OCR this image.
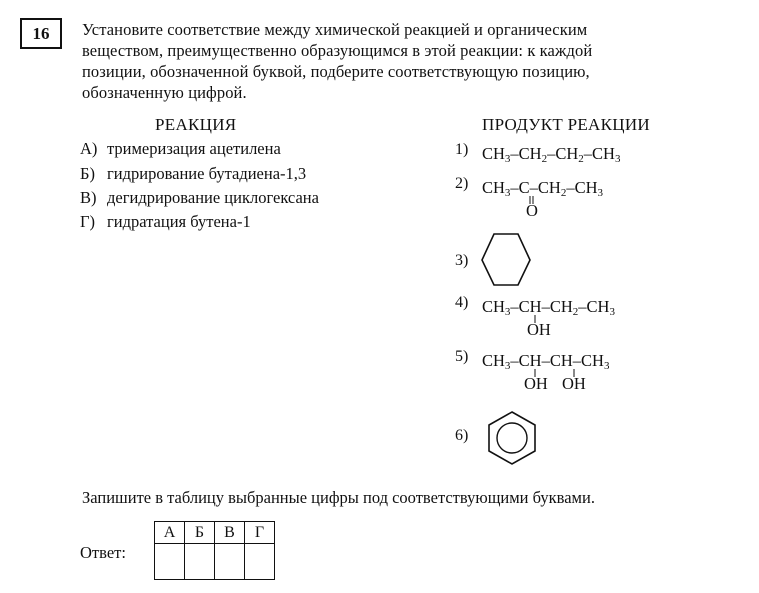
16	Установите соответствие между химической реакцией и органическим
веществом, преимущественно образующимся в этой реакции: к каждой
позиции, обозначенной буквой, подберите соответствующую позицию,
обозначенную цифрой.
РЕАКЦИЯ
А) тримеризация ацетилена
Б) гидрирование бутадиена-1,3
В) дегидрирование циклогексана
Г) гидратация бутена-1
ПРОДУКТ РЕАКЦИИ
1) $CH_3-CH_2-CH_2-CH_3$
2) $CH_3-C-CH_2-CH_3$
O
3)
4) $CH_3-CH-CH_2-CH_3$
OH
5) $CH_3-CH-CH-CH_3$
OH OH
6)
Запишите в таблицу выбранные цифры под соответствующими буквами.
Ответ:
А	Б	В	Г
